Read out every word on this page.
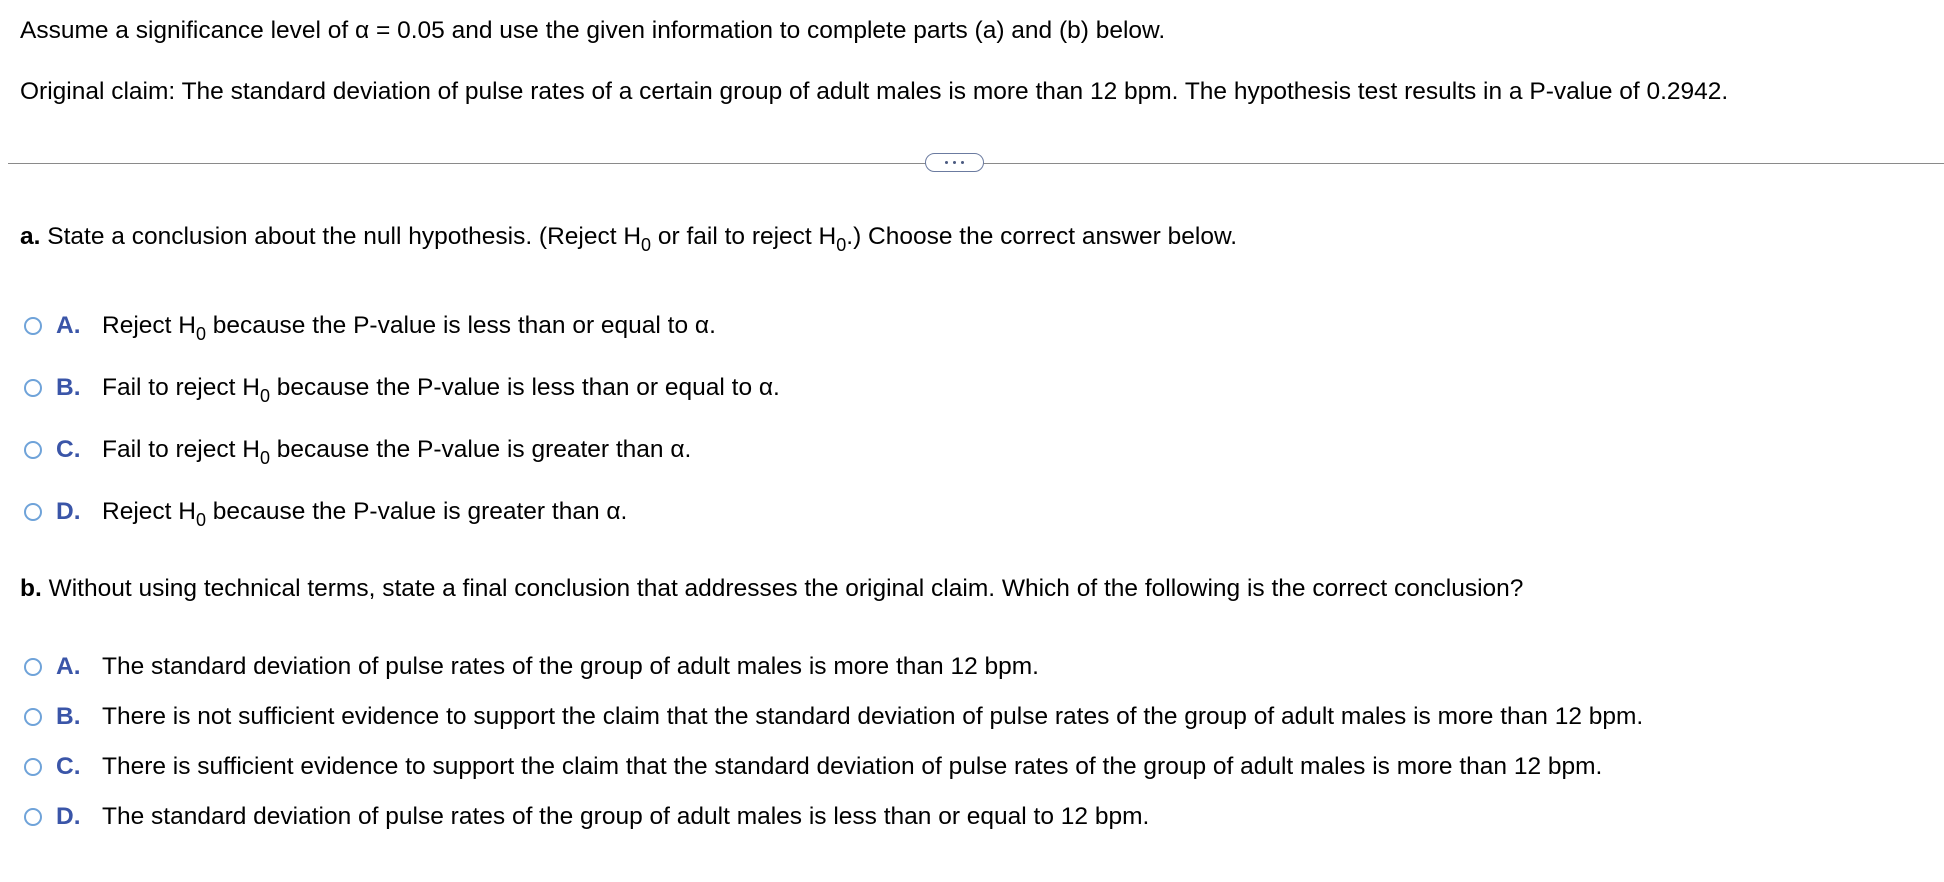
Assume a significance level of α = 0.05 and use the given information to complete parts (a) and (b) below.
Original claim: The standard deviation of pulse rates of a certain group of adult males is more than 12 bpm. The hypothesis test results in a P-value of 0.2942.
a. State a conclusion about the null hypothesis. (Reject $H_0$ or fail to reject $H_0$.) Choose the correct answer below.
A. Reject $H_0$ because the P-value is less than or equal to α.
B. Fail to reject $H_0$ because the P-value is less than or equal to α.
C. Fail to reject $H_0$ because the P-value is greater than α.
D. Reject $H_0$ because the P-value is greater than α.
b. Without using technical terms, state a final conclusion that addresses the original claim. Which of the following is the correct conclusion?
A. The standard deviation of pulse rates of the group of adult males is more than 12 bpm.
B. There is not sufficient evidence to support the claim that the standard deviation of pulse rates of the group of adult males is more than 12 bpm.
C. There is sufficient evidence to support the claim that the standard deviation of pulse rates of the group of adult males is more than 12 bpm.
D. The standard deviation of pulse rates of the group of adult males is less than or equal to 12 bpm.
